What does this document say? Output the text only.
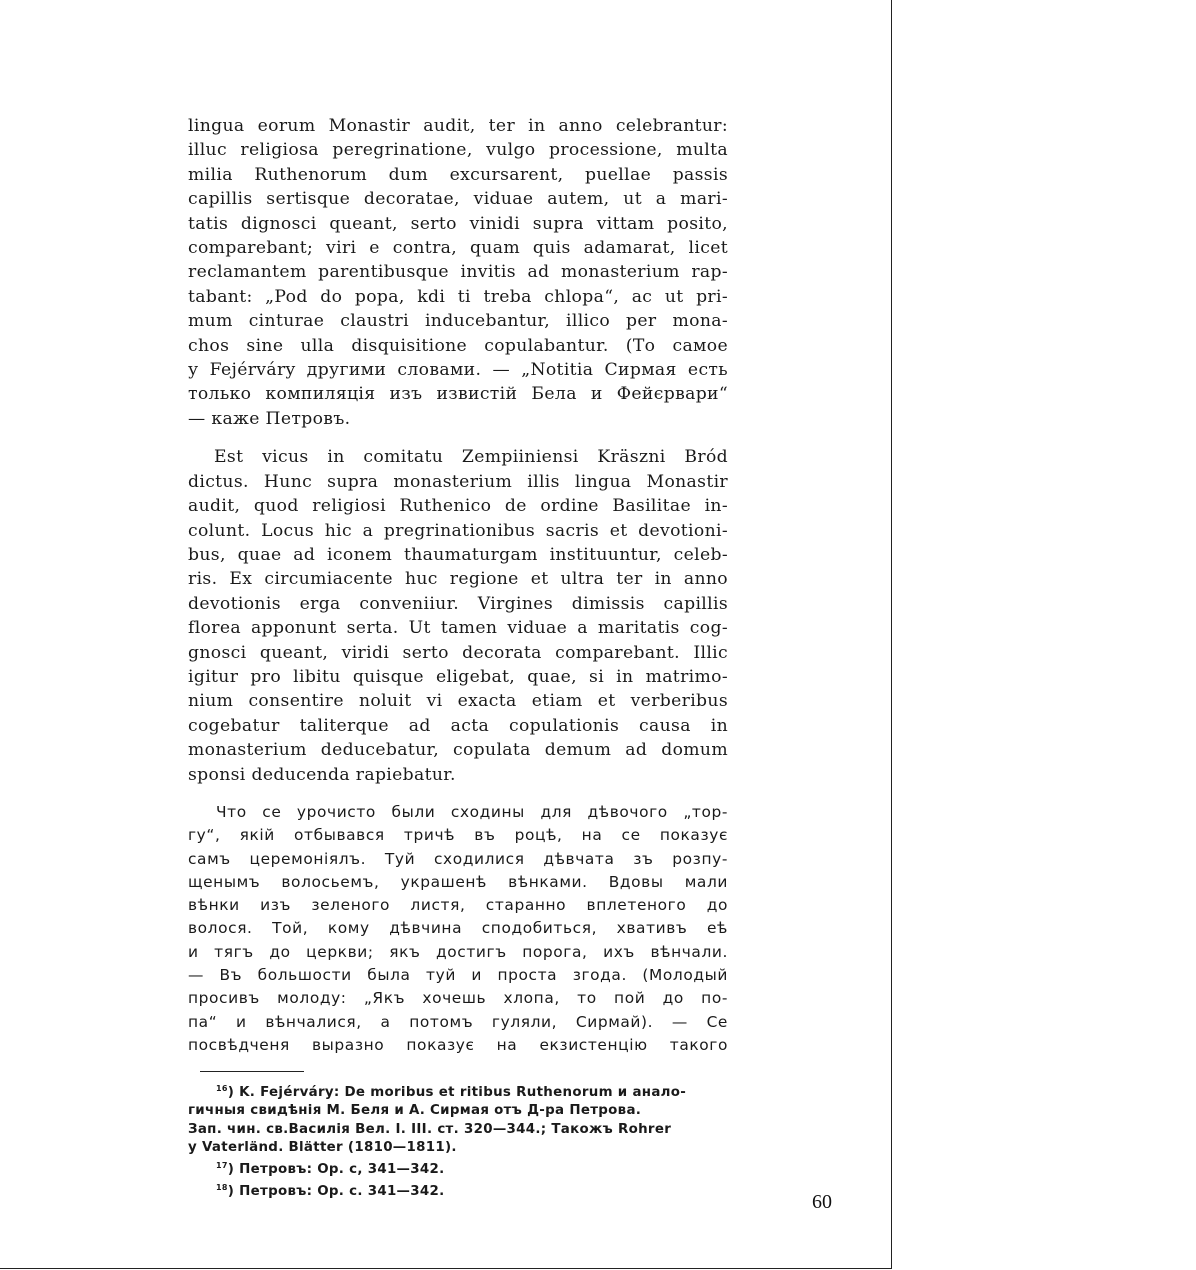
lingua eorum Monastir audit, ter in anno celebrantur:

illuc religiosa peregrinatione, vulgo processione, multa

milia Ruthenorum dum excursarent, puellae passis

capillis sertisque decoratae, viduae autem, ut a mari-

tatis dignosci queant, serto vinidi supra vittam posito,

comparebant; viri e contra, quam quis adamarat, licet

reclamantem parentibusque invitis ad monasterium rap-

tabant: „Pod do popa, kdi ti treba chlopa“, ac ut pri-

mum cinturae claustri inducebantur, illico per mona-

chos sine ulla disquisitione copulabantur. (То самое

у Fejérváry другими словами. — „Notitia Сирмая есть

только компиляція изъ извистій Бела и Фейєрвари“

— каже Петровъ.

Est vicus in comitatu Zempiiniensi Kräszni Bród

dictus. Hunc supra monasterium illis lingua Monastir

audit, quod religiosi Ruthenico de ordine Basilitae in-

colunt. Locus hic a pregrinationibus sacris et devotioni-

bus, quae ad iconem thaumaturgam instituuntur, celeb-

ris. Ex circumiacente huc regione et ultra ter in anno

devotionis erga conveniiur. Virgines dimissis capillis

florea apponunt serta. Ut tamen viduae a maritatis cog-

gnosci queant, viridi serto decorata comparebant. Illic

igitur pro libitu quisque eligebat, quae, si in matrimo-

nium consentire noluit vi exacta etiam et verberibus

cogebatur taliterque ad acta copulationis causa in

monasterium deducebatur, copulata demum ad domum

sponsi deducenda rapiebatur.

Что се урочисто были сходины для дѣвочого „тор-

гу“, якій отбывався тричѣ въ роцѣ, на се показує

самъ церемоніялъ. Туй сходилися дѣвчата зъ розпу-

щенымъ волосьемъ, украшенѣ вѣнками. Вдовы мали

вѣнки изъ зеленого листя, старанно вплетеного до

волося. Той, кому дѣвчина сподобиться, хвативъ еѣ

и тягъ до церкви; якъ достигъ порога, ихъ вѣнчали.

— Въ большости была туй и проста згода. (Молодый

просивъ молоду: „Якъ хочешь хлопа, то пой до по-

па“ и вѣнчалися, а потомъ гуляли, Сирмай). — Се

посвѣдченя выразно показує на екзистенцію такого

$^{16}$) K. Fejérváry: De moribus et ritibus Ruthenorum и анало-

гичныя свидѣнія М. Беля и А. Сирмая отъ Д-ра Петрова.

Зап. чин. св.Василія Вел. I. III. ст. 320—344.; Такожъ Rohrer

y Vaterländ. Blätter (1810—1811).

$^{17}$) Петровъ: Op. c, 341—342.

$^{18}$) Петровъ: Op. c. 341—342.	60
